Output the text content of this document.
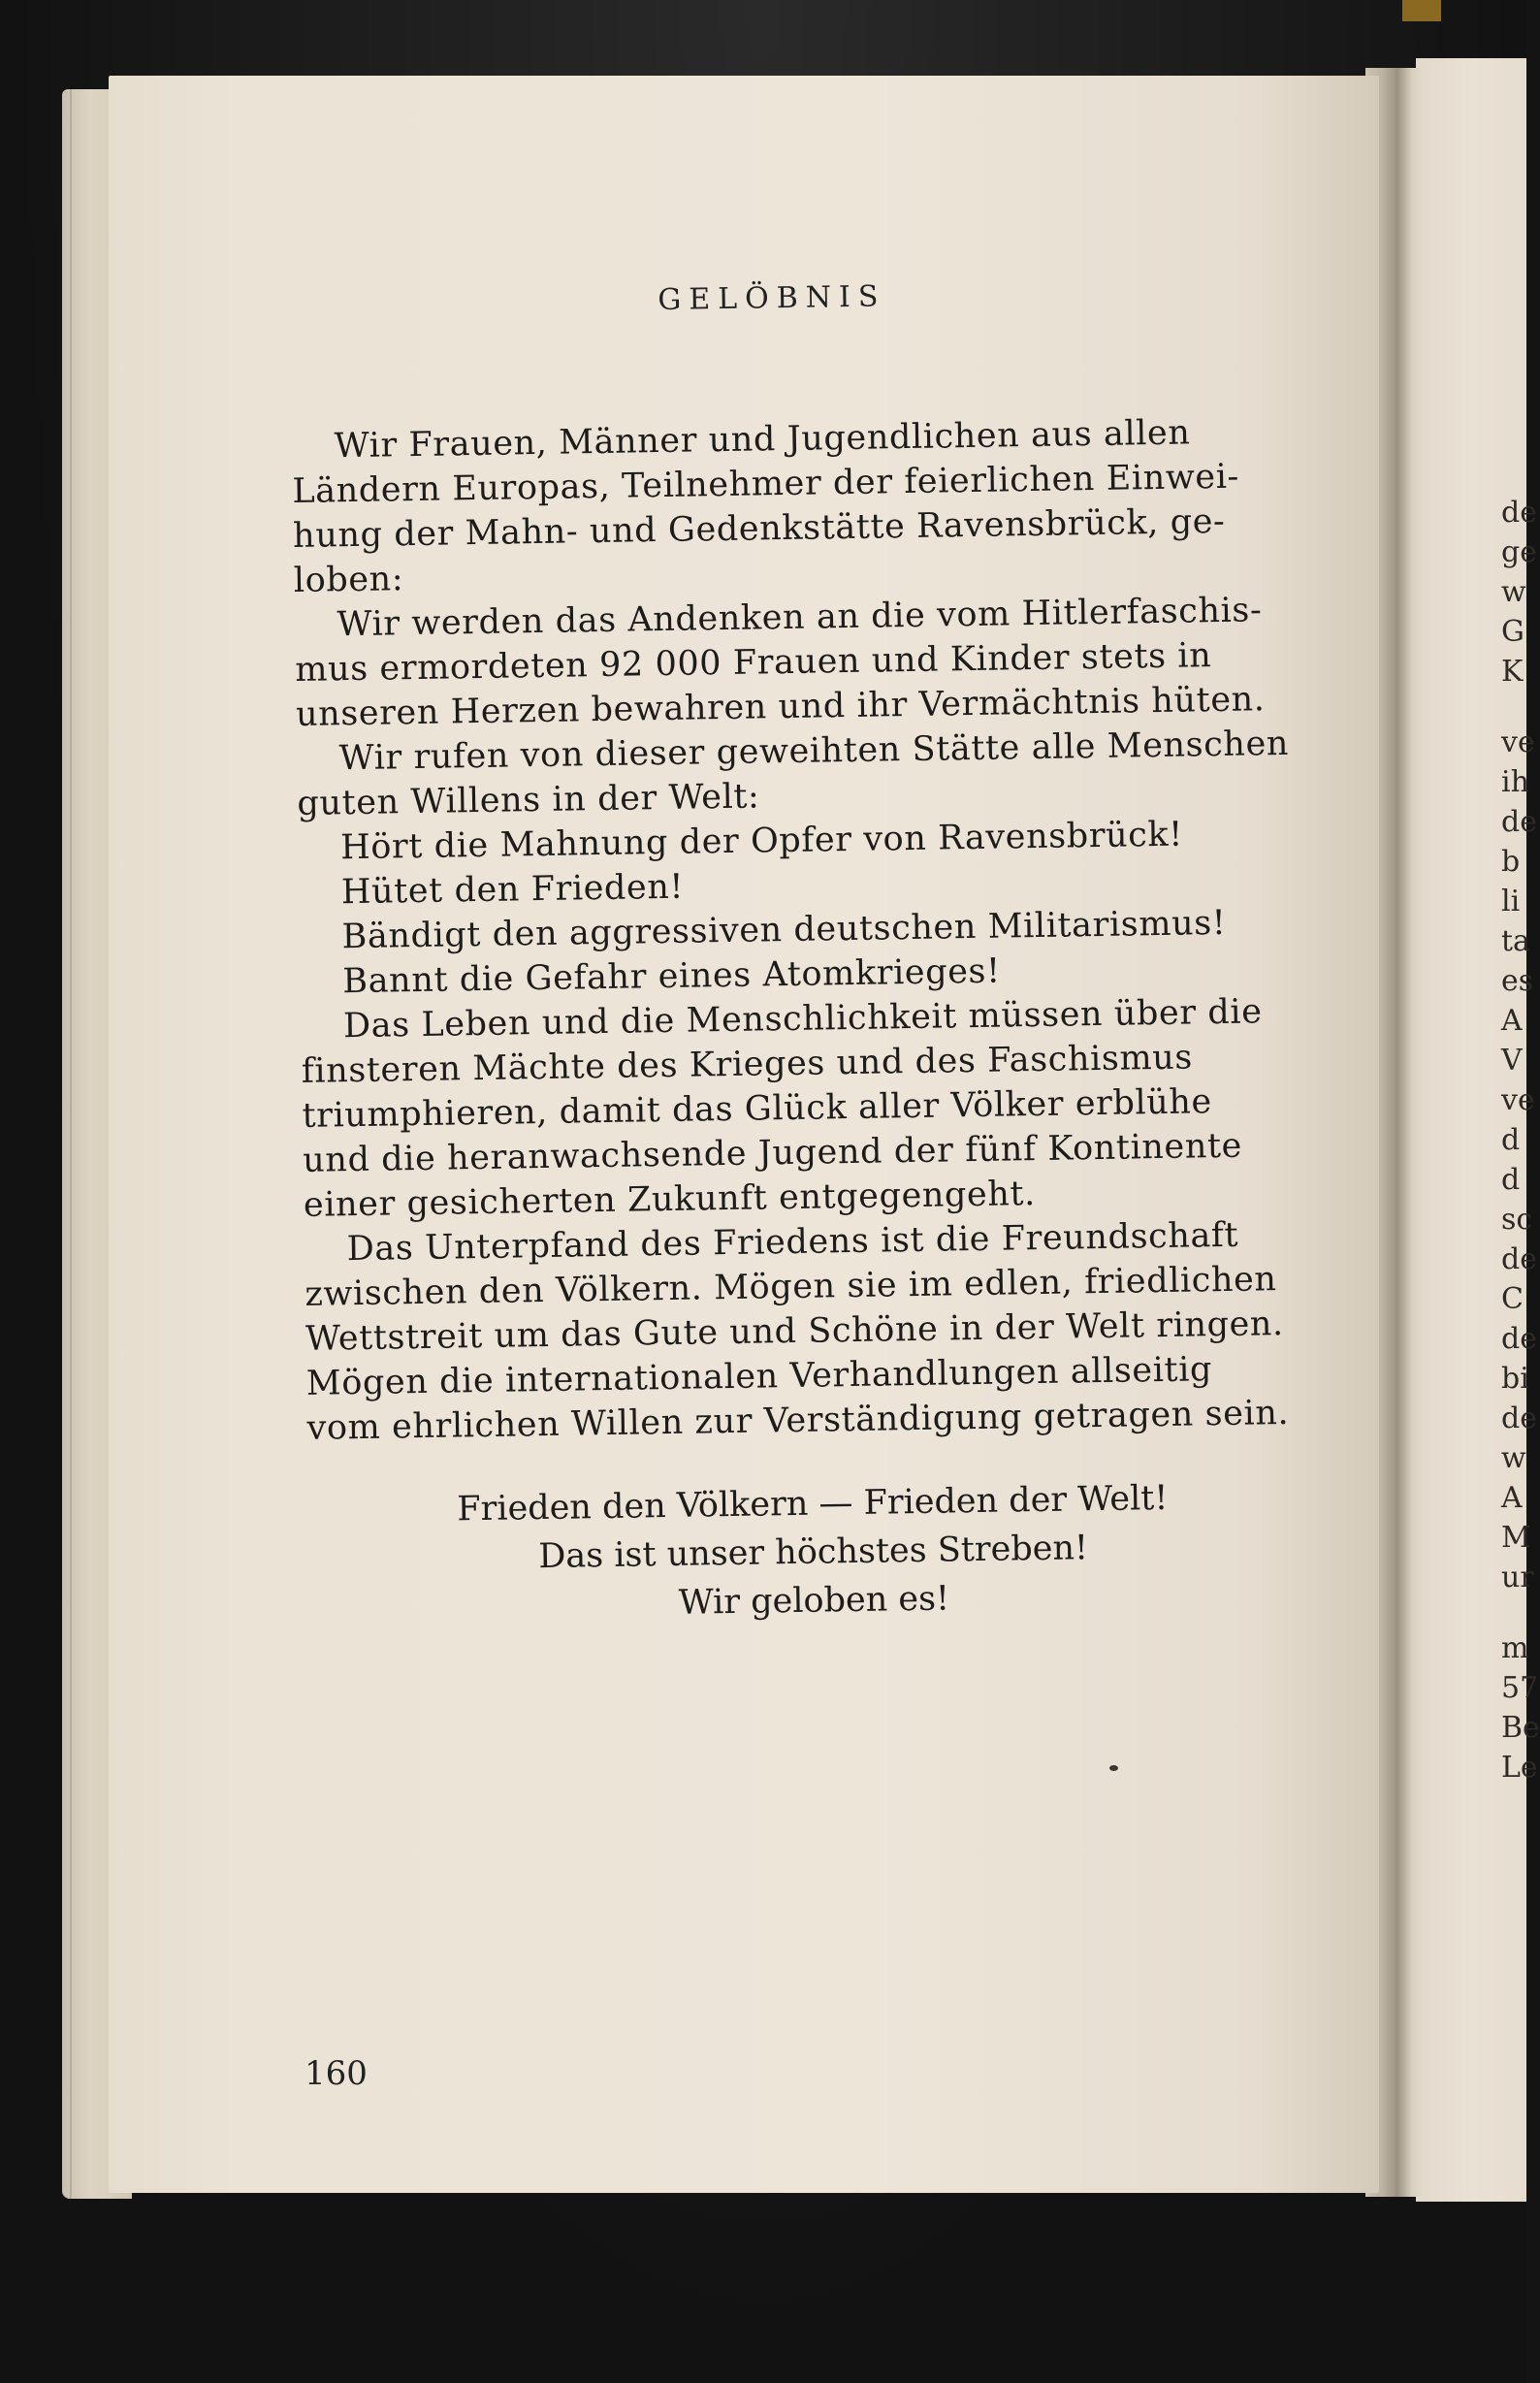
de
ge
w
G
K
ve
ih
de
b
li
ta
es
A
V
ve
d
d
sc
de
C
de
bi
de
w
A
M
ur
m
57
Be
Le
GELÖBNIS
Wir Frauen, Männer und Jugendlichen aus allen
Ländern Europas, Teilnehmer der feierlichen Einwei-
hung der Mahn- und Gedenkstätte Ravensbrück, ge-
loben:
Wir werden das Andenken an die vom Hitlerfaschis-
mus ermordeten 92 000 Frauen und Kinder stets in
unseren Herzen bewahren und ihr Vermächtnis hüten.
Wir rufen von dieser geweihten Stätte alle Menschen
guten Willens in der Welt:
Hört die Mahnung der Opfer von Ravensbrück!
Hütet den Frieden!
Bändigt den aggressiven deutschen Militarismus!
Bannt die Gefahr eines Atomkrieges!
Das Leben und die Menschlichkeit müssen über die
finsteren Mächte des Krieges und des Faschismus
triumphieren, damit das Glück aller Völker erblühe
und die heranwachsende Jugend der fünf Kontinente
einer gesicherten Zukunft entgegengeht.
Das Unterpfand des Friedens ist die Freundschaft
zwischen den Völkern. Mögen sie im edlen, friedlichen
Wettstreit um das Gute und Schöne in der Welt ringen.
Mögen die internationalen Verhandlungen allseitig
vom ehrlichen Willen zur Verständigung getragen sein.
Frieden den Völkern — Frieden der Welt!
Das ist unser höchstes Streben!
Wir geloben es!
160
